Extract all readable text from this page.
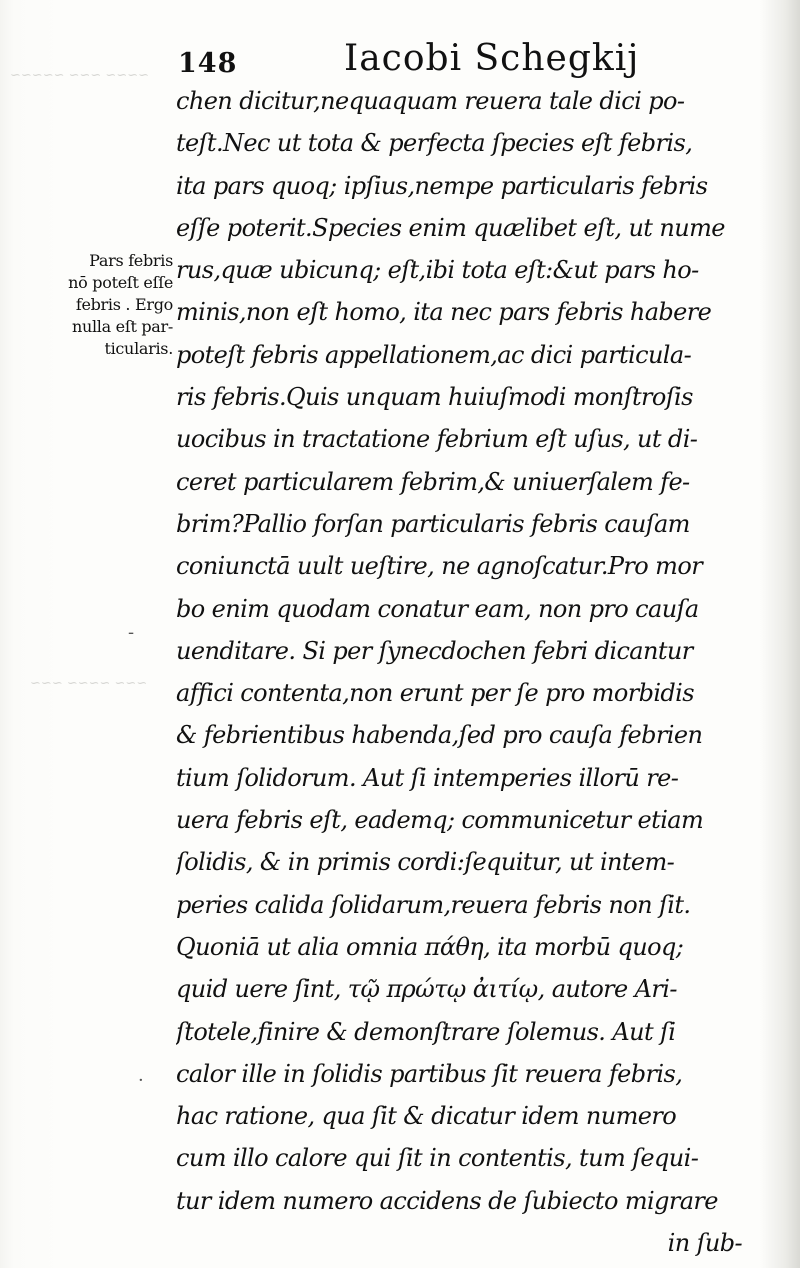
~~~~ ~~~ ~~~~~
~~~ ~~~~ ~~~
148	Iacobi Schegkij
Pars febris
nō poteſt eſſe
febris . Ergo
nulla eſt par-
ticularis.
chen dicitur,nequaquam reuera tale dici po-
teſt.Nec ut tota & perfecta ſpecies eſt febris,
ita pars quoq; ipſius,nempe particularis febris
eſſe poterit.Species enim quælibet eſt, ut nume
rus,quæ ubicunq; eſt,ibi tota eſt:&ut pars ho-
minis,non eſt homo, ita nec pars febris habere
poteſt febris appellationem,ac dici particula-
ris febris.Quis unquam huiuſmodi monſtroſis
uocibus in tractatione febrium eſt uſus, ut di-
ceret particularem febrim,& uniuerſalem fe-
brim?Pallio forſan particularis febris cauſam
coniunctā uult ueſtire, ne agnoſcatur.Pro mor
bo enim quodam conatur eam, non pro cauſa
uenditare. Si per ſynecdochen febri dicantur
affici contenta,non erunt per ſe pro morbidis
& febrientibus habenda,ſed pro cauſa febrien
tium ſolidorum. Aut ſi intemperies illorū re-
uera febris eſt, eademq; communicetur etiam
ſolidis, & in primis cordi:ſequitur, ut intem-
peries calida ſolidarum,reuera febris non ſit.
Quoniā ut alia omnia πάθη, ita morbū quoq;
quid uere ſint, τῷ πρώτῳ ἀιτίῳ, autore Ari-
ſtotele,finire & demonſtrare ſolemus. Aut ſi
calor ille in ſolidis partibus ſit reuera febris,
hac ratione, qua ſit & dicatur idem numero
cum illo calore qui ſit in contentis, tum ſequi-
tur idem numero accidens de ſubiecto migrare
in ſub-
-
·
